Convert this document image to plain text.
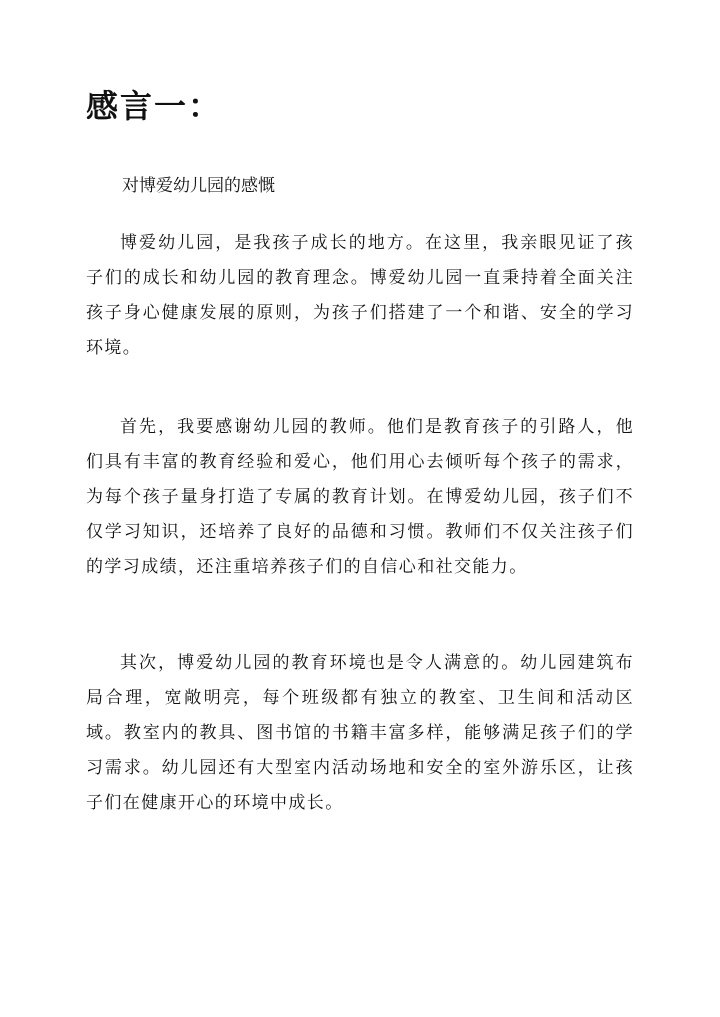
感言一：
对博爱幼儿园的感慨

博爱幼儿园，是我孩子成长的地方。在这里，我亲眼见证了孩子们的成长和幼儿园的教育理念。博爱幼儿园一直秉持着全面关注孩子身心健康发展的原则，为孩子们搭建了一个和谐、安全的学习环境。

首先，我要感谢幼儿园的教师。他们是教育孩子的引路人，他们具有丰富的教育经验和爱心，他们用心去倾听每个孩子的需求，为每个孩子量身打造了专属的教育计划。在博爱幼儿园，孩子们不仅学习知识，还培养了良好的品德和习惯。教师们不仅关注孩子们的学习成绩，还注重培养孩子们的自信心和社交能力。

其次，博爱幼儿园的教育环境也是令人满意的。幼儿园建筑布局合理，宽敞明亮，每个班级都有独立的教室、卫生间和活动区域。教室内的教具、图书馆的书籍丰富多样，能够满足孩子们的学习需求。幼儿园还有大型室内活动场地和安全的室外游乐区，让孩子们在健康开心的环境中成长。
